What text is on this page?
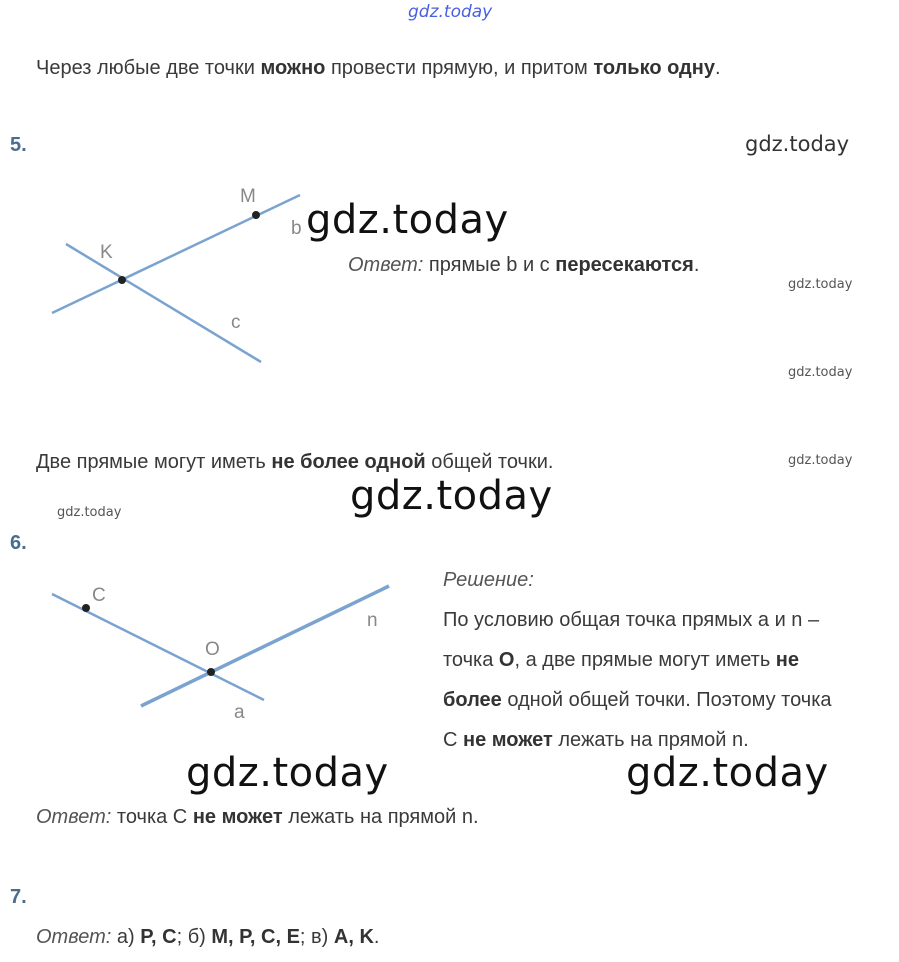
gdz.today
Через любые две точки можно провести прямую, и притом только одну.
5.	gdz.today
M
K
b
c
gdz.today
Ответ: прямые b и с пересекаются.
gdz.today
gdz.today
Две прямые могут иметь не более одной общей точки.	gdz.today
gdz.today
gdz.today
6.
C
O
n
a
Решение:
По условию общая точка прямых а и n –
точка О, а две прямые могут иметь не
более одной общей точки. Поэтому точка
С не может лежать на прямой n.
gdz.today	gdz.today
Ответ: точка С не может лежать на прямой n.
7.
Ответ: а) P, C; б) M, P, C, E; в) A, K.
